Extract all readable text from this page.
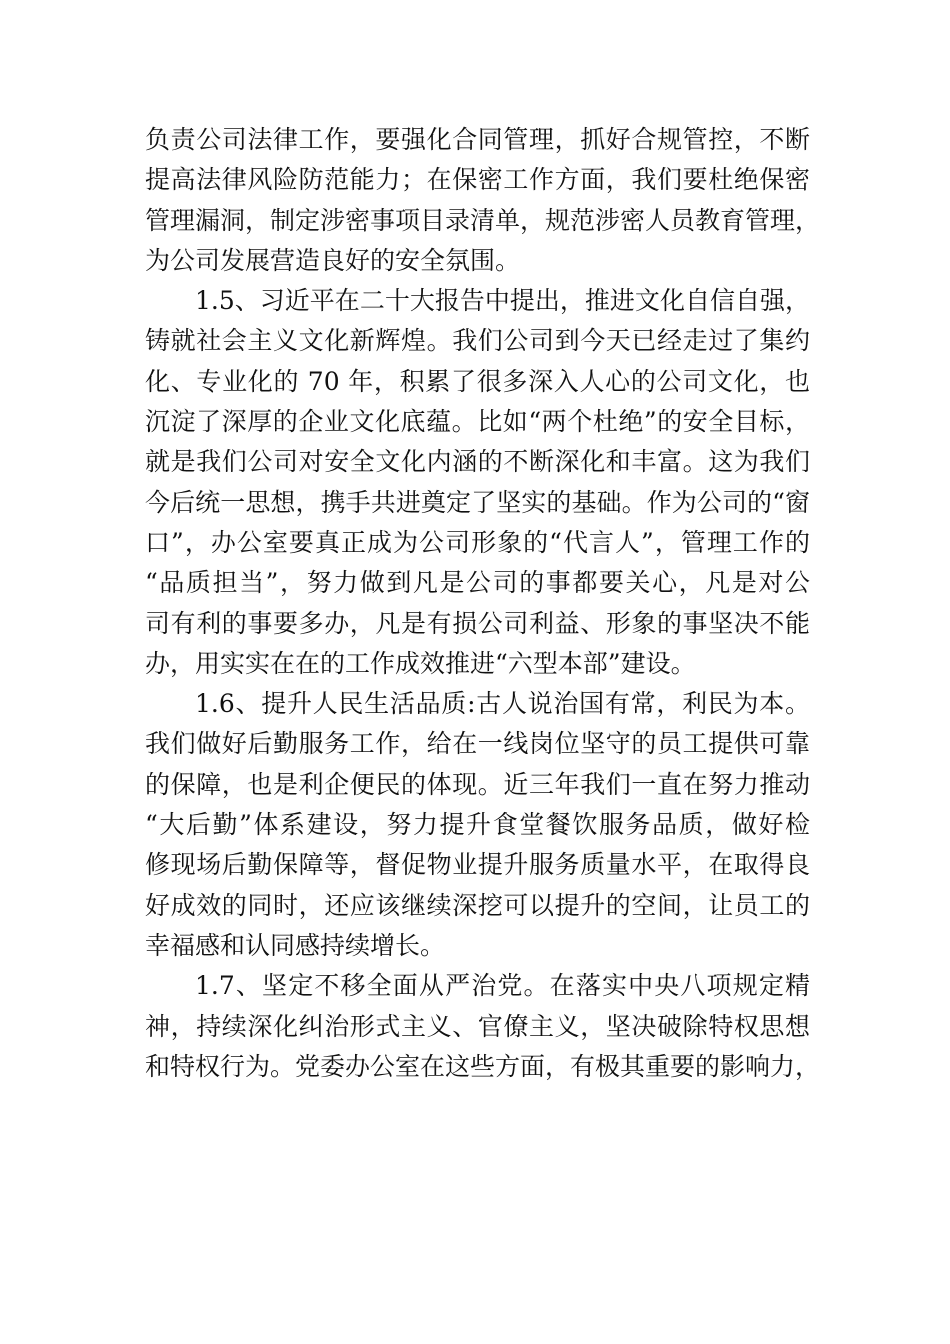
负责公司法律工作，要强化合同管理，抓好合规管控，不断
提高法律风险防范能力；在保密工作方面，我们要杜绝保密
管理漏洞，制定涉密事项目录清单，规范涉密人员教育管理，
为公司发展营造良好的安全氛围。
1.5、习近平在二十大报告中提出，推进文化自信自强，
铸就社会主义文化新辉煌。我们公司到今天已经走过了集约
化、专业化的 70 年，积累了很多深入人心的公司文化，也
沉淀了深厚的企业文化底蕴。比如“两个杜绝”的安全目标，
就是我们公司对安全文化内涵的不断深化和丰富。这为我们
今后统一思想，携手共进奠定了坚实的基础。作为公司的“窗
口”，办公室要真正成为公司形象的“代言人”，管理工作的
“品质担当”，努力做到凡是公司的事都要关心，凡是对公
司有利的事要多办，凡是有损公司利益、形象的事坚决不能
办，用实实在在的工作成效推进“六型本部”建设。
1.6、提升人民生活品质:古人说治国有常，利民为本。
我们做好后勤服务工作，给在一线岗位坚守的员工提供可靠
的保障，也是利企便民的体现。近三年我们一直在努力推动
“大后勤”体系建设，努力提升食堂餐饮服务品质，做好检
修现场后勤保障等，督促物业提升服务质量水平，在取得良
好成效的同时，还应该继续深挖可以提升的空间，让员工的
幸福感和认同感持续增长。
1.7、坚定不移全面从严治党。在落实中央八项规定精
神，持续深化纠治形式主义、官僚主义，坚决破除特权思想
和特权行为。党委办公室在这些方面，有极其重要的影响力，
